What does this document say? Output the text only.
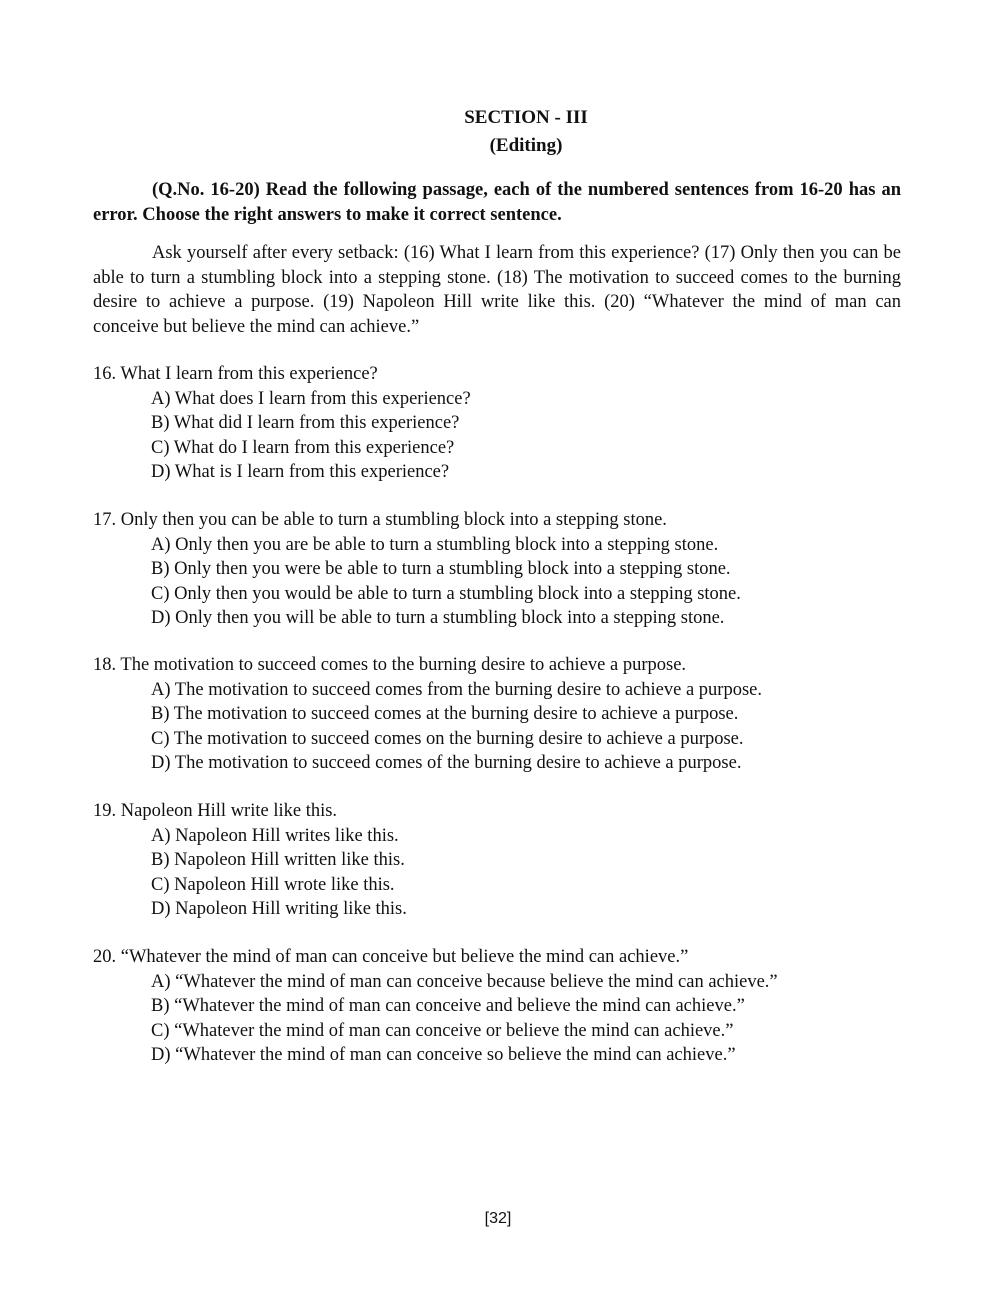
SECTION - III
(Editing)
(Q.No. 16-20) Read the following passage, each of the numbered sentences from 16-20 has an error. Choose the right answers to make it correct sentence.
Ask yourself after every setback: (16) What I learn from this experience? (17) Only then you can be able to turn a stumbling block into a stepping stone. (18) The motivation to succeed comes to the burning desire to achieve a purpose. (19) Napoleon Hill write like this. (20) “Whatever the mind of man can conceive but believe the mind can achieve.”
16. What I learn from this experience?
A) What does I learn from this experience?
B) What did I learn from this experience?
C) What do I learn from this experience?
D) What is I learn from this experience?
17. Only then you can be able to turn a stumbling block into a stepping stone.
A) Only then you are be able to turn a stumbling block into a stepping stone.
B) Only then you were be able to turn a stumbling block into a stepping stone.
C) Only then you would be able to turn a stumbling block into a stepping stone.
D) Only then you will be able to turn a stumbling block into a stepping stone.
18. The motivation to succeed comes to the burning desire to achieve a purpose.
A) The motivation to succeed comes from the burning desire to achieve a purpose.
B) The motivation to succeed comes at the burning desire to achieve a purpose.
C) The motivation to succeed comes on the burning desire to achieve a purpose.
D) The motivation to succeed comes of the burning desire to achieve a purpose.
19. Napoleon Hill write like this.
A) Napoleon Hill writes like this.
B) Napoleon Hill written like this.
C) Napoleon Hill wrote like this.
D) Napoleon Hill writing like this.
20. “Whatever the mind of man can conceive but believe the mind can achieve.”
A) “Whatever the mind of man can conceive because believe the mind can achieve.”
B) “Whatever the mind of man can conceive and believe the mind can achieve.”
C) “Whatever the mind of man can conceive or believe the mind can achieve.”
D) “Whatever the mind of man can conceive so believe the mind can achieve.”
[32]
